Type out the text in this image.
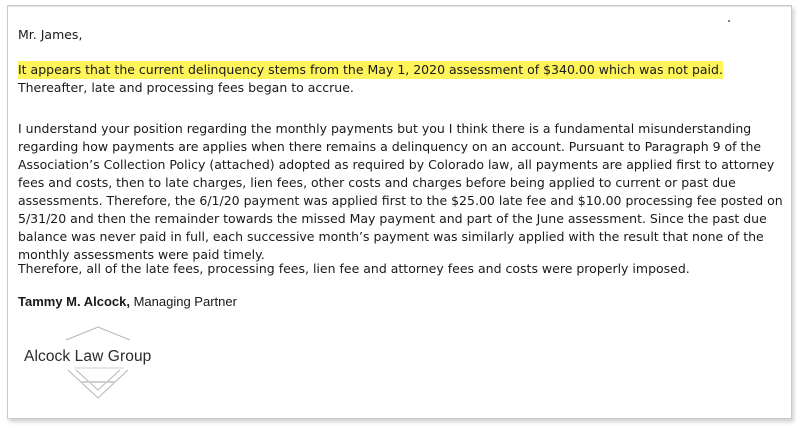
Mr. James,

It appears that the current delinquency stems from the May 1, 2020 assessment of $340.00 which was not paid. Thereafter, late and processing fees began to accrue.

I understand your position regarding the monthly payments but you I think there is a fundamental misunderstanding regarding how payments are applies when there remains a delinquency on an account. Pursuant to Paragraph 9 of the Association’s Collection Policy (attached) adopted as required by Colorado law, all payments are applied first to attorney fees and costs, then to late charges, lien fees, other costs and charges before being applied to current or past due assessments. Therefore, the 6/1/20 payment was applied first to the $25.00 late fee and $10.00 processing fee posted on 5/31/20 and then the remainder towards the missed May payment and part of the June assessment. Since the past due balance was never paid in full, each successive month’s payment was similarly applied with the result that none of the monthly assessments were paid timely.

Therefore, all of the late fees, processing fees, lien fee and attorney fees and costs were properly imposed.

Tammy M. Alcock, Managing Partner
Alcock Law Group
